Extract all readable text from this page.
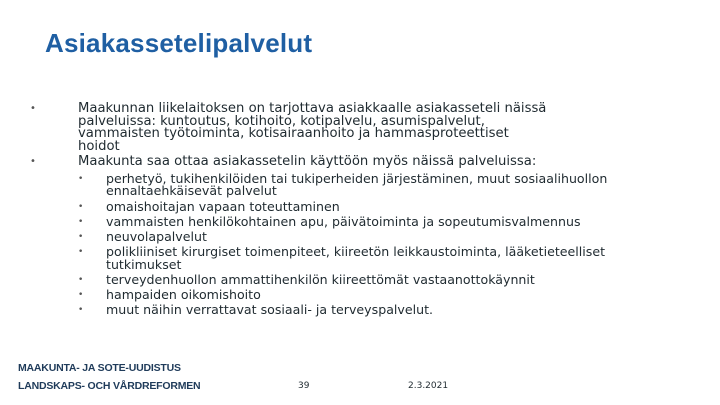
Asiakassetelipalvelut
•	Maakunnan liikelaitoksen on tarjottava asiakkaalle asiakasseteli näissä

palveluissa: kuntoutus, kotihoito, kotipalvelu, asumispalvelut,

vammaisten työtoiminta, kotisairaanhoito ja hammasproteettiset

hoidot

•	Maakunta saa ottaa asiakassetelin käyttöön myös näissä palveluissa:

• perhetyö, tukihenkilöiden tai tukiperheiden järjestäminen, muut sosiaalihuollon
ennaltaehkäisevät palvelut
• omaishoitajan vapaan toteuttaminen
• vammaisten henkilökohtainen apu, päivätoiminta ja sopeutumisvalmennus
• neuvolapalvelut
• polikliiniset kirurgiset toimenpiteet, kiireetön leikkaustoiminta, lääketieteelliset
tutkimukset
• terveydenhuollon ammattihenkilön kiireettömät vastaanottokäynnit
• hampaiden oikomishoito
• muut näihin verrattavat sosiaali- ja terveyspalvelut.
MAAKUNTA- JA SOTE-UUDISTUS
LANDSKAPS- OCH VÅRDREFORMEN	39	2.3.2021
